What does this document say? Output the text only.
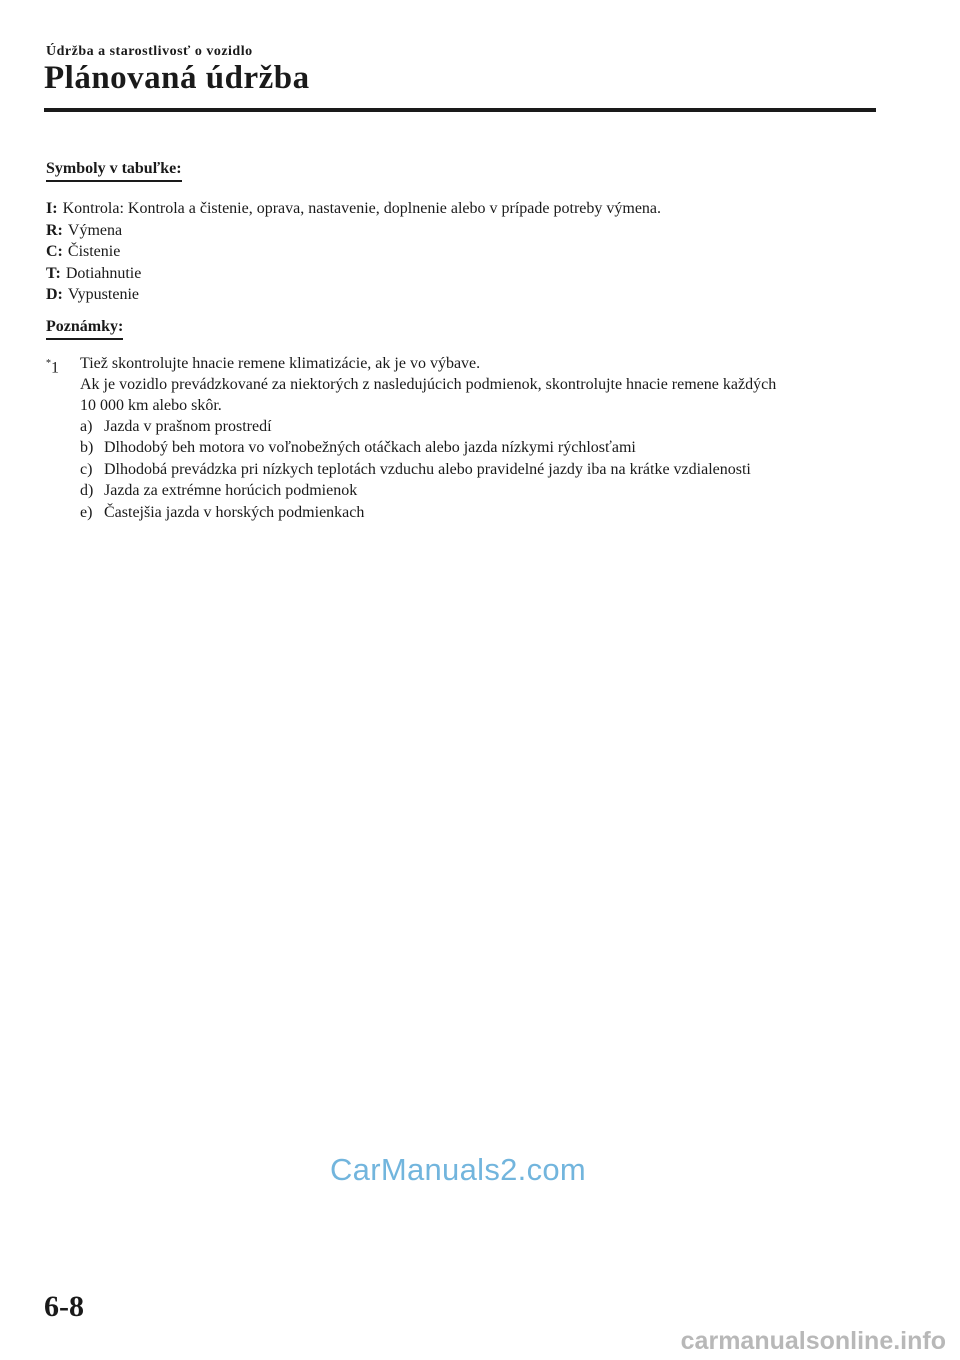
Údržba a starostlivosť o vozidlo
Plánovaná údržba
Symboly v tabuľke:

I: Kontrola: Kontrola a čistenie, oprava, nastavenie, doplnenie alebo v prípade potreby výmena.

R: Výmena

C: Čistenie

T: Dotiahnutie

D: Vypustenie

Poznámky:
*1 Tiež skontrolujte hnacie remene klimatizácie, ak je vo výbave.
Ak je vozidlo prevádzkované za niektorých z nasledujúcich podmienok, skontrolujte hnacie remene každých
10 000 km alebo skôr.
a) Jazda v prašnom prostredí
b) Dlhodobý beh motora vo voľnobežných otáčkach alebo jazda nízkymi rýchlosťami
c) Dlhodobá prevádzka pri nízkych teplotách vzduchu alebo pravidelné jazdy iba na krátke vzdialenosti
d) Jazda za extrémne horúcich podmienok
e) Častejšia jazda v horských podmienkach
CarManuals2.com
6-8
carmanualsonline.info
